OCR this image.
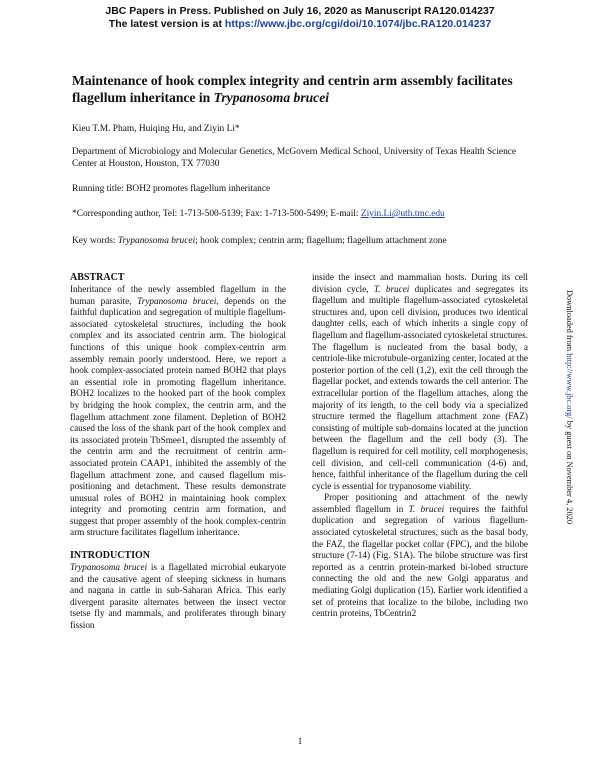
JBC Papers in Press. Published on July 16, 2020 as Manuscript RA120.014237
The latest version is at https://www.jbc.org/cgi/doi/10.1074/jbc.RA120.014237
Maintenance of hook complex integrity and centrin arm assembly facilitates flagellum inheritance in Trypanosoma brucei
Kieu T.M. Pham, Huiqing Hu, and Ziyin Li*
Department of Microbiology and Molecular Genetics, McGovern Medical School, University of Texas Health Science Center at Houston, Houston, TX 77030
Running title: BOH2 promotes flagellum inheritance
*Corresponding author, Tel: 1-713-500-5139; Fax: 1-713-500-5499; E-mail: Ziyin.Li@uth.tmc.edu
Key words: Trypanosoma brucei; hook complex; centrin arm; flagellum; flagellum attachment zone
ABSTRACT

Inheritance of the newly assembled flagellum in the human parasite, Trypanosoma brucei, depends on the faithful duplication and segregation of multiple flagellum-associated cytoskeletal structures, including the hook complex and its associated centrin arm. The biological functions of this unique hook complex-centrin arm assembly remain poorly understood. Here, we report a hook complex-associated protein named BOH2 that plays an essential role in promoting flagellum inheritance. BOH2 localizes to the hooked part of the hook complex by bridging the hook complex, the centrin arm, and the flagellum attachment zone filament. Depletion of BOH2 caused the loss of the shank part of the hook complex and its associated protein TbSmee1, disrupted the assembly of the centrin arm and the recruitment of centrin arm-associated protein CAAP1, inhibited the assembly of the flagellum attachment zone, and caused flagellum mis-positioning and detachment. These results demonstrate unusual roles of BOH2 in maintaining hook complex integrity and promoting centrin arm formation, and suggest that proper assembly of the hook complex-centrin arm structure facilitates flagellum inheritance.

INTRODUCTION

Trypanosoma brucei is a flagellated microbial eukaryote and the causative agent of sleeping sickness in humans and nagana in cattle in sub-Saharan Africa. This early divergent parasite alternates between the insect vector tsetse fly and mammals, and proliferates through binary fission

inside the insect and mammalian hosts. During its cell division cycle, T. brucei duplicates and segregates its flagellum and multiple flagellum-associated cytoskeletal structures and, upon cell division, produces two identical daughter cells, each of which inherits a single copy of flagellum and flagellum-associated cytoskeletal structures. The flagellum is nucleated from the basal body, a centriole-like microtubule-organizing center, located at the posterior portion of the cell (1,2), exit the cell through the flagellar pocket, and extends towards the cell anterior. The extracellular portion of the flagellum attaches, along the majority of its length, to the cell body via a specialized structure termed the flagellum attachment zone (FAZ) consisting of multiple sub-domains located at the junction between the flagellum and the cell body (3). The flagellum is required for cell motility, cell morphogenesis, cell division, and cell-cell communication (4-6) and, hence, faithful inheritance of the flagellum during the cell cycle is essential for trypanosome viability.

Proper positioning and attachment of the newly assembled flagellum in T. brucei requires the faithful duplication and segregation of various flagellum-associated cytoskeletal structures, such as the basal body, the FAZ, the flagellar pocket collar (FPC), and the bilobe structure (7-14) (Fig. S1A). The bilobe structure was first reported as a centrin protein-marked bi-lobed structure connecting the old and the new Golgi apparatus and mediating Golgi duplication (15). Earlier work identified a set of proteins that localize to the bilobe, including two centrin proteins, TbCentrin2

Downloaded from http://www.jbc.org/ by guest on November 4, 2020
1
